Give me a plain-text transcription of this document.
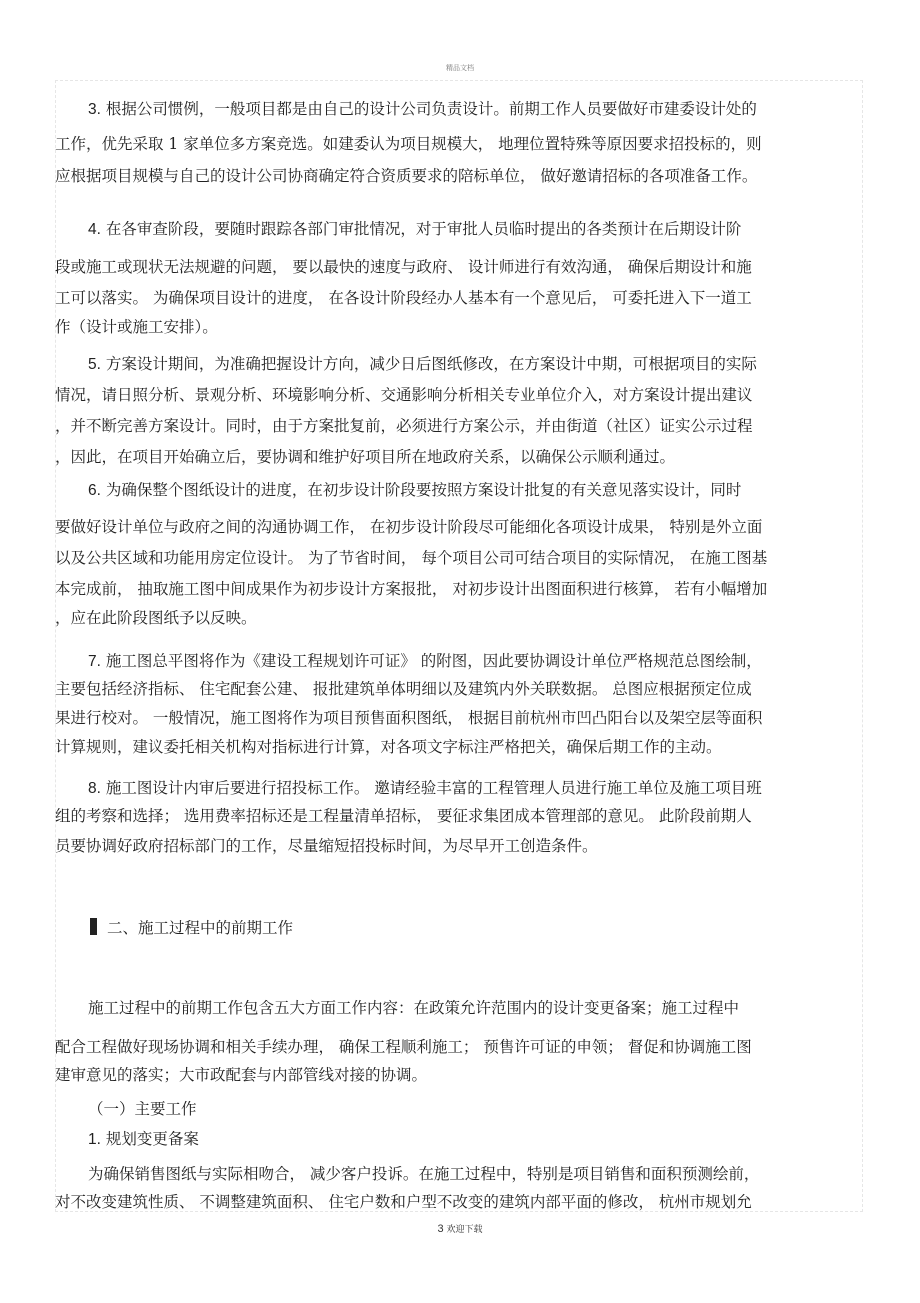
精品文档
3. 根据公司惯例，一般项目都是由自己的设计公司负责设计。前期工作人员要做好市建委设计处的
工作，优先采取 1 家单位多方案竞选。如建委认为项目规模大， 地理位置特殊等原因要求招投标的，则
应根据项目规模与自己的设计公司协商确定符合资质要求的陪标单位， 做好邀请招标的各项准备工作。
4. 在各审查阶段，要随时跟踪各部门审批情况，对于审批人员临时提出的各类预计在后期设计阶
段或施工或现状无法规避的问题， 要以最快的速度与政府、 设计师进行有效沟通， 确保后期设计和施
工可以落实。 为确保项目设计的进度， 在各设计阶段经办人基本有一个意见后， 可委托进入下一道工
作（设计或施工安排）。
5. 方案设计期间，为准确把握设计方向，减少日后图纸修改，在方案设计中期，可根据项目的实际
情况，请日照分析、景观分析、环境影响分析、交通影响分析相关专业单位介入，对方案设计提出建议
，并不断完善方案设计。同时，由于方案批复前，必须进行方案公示，并由街道（社区）证实公示过程
，因此，在项目开始确立后，要协调和维护好项目所在地政府关系，以确保公示顺利通过。
6. 为确保整个图纸设计的进度，在初步设计阶段要按照方案设计批复的有关意见落实设计，同时
要做好设计单位与政府之间的沟通协调工作， 在初步设计阶段尽可能细化各项设计成果， 特别是外立面
以及公共区域和功能用房定位设计。 为了节省时间， 每个项目公司可结合项目的实际情况， 在施工图基
本完成前， 抽取施工图中间成果作为初步设计方案报批， 对初步设计出图面积进行核算， 若有小幅增加
，应在此阶段图纸予以反映。
7. 施工图总平图将作为《建设工程规划许可证》 的附图，因此要协调设计单位严格规范总图绘制，
主要包括经济指标、 住宅配套公建、 报批建筑单体明细以及建筑内外关联数据。 总图应根据预定位成
果进行校对。 一般情况，施工图将作为项目预售面积图纸， 根据目前杭州市凹凸阳台以及架空层等面积
计算规则，建议委托相关机构对指标进行计算，对各项文字标注严格把关，确保后期工作的主动。
8. 施工图设计内审后要进行招投标工作。 邀请经验丰富的工程管理人员进行施工单位及施工项目班
组的考察和选择； 选用费率招标还是工程量清单招标， 要征求集团成本管理部的意见。 此阶段前期人
员要协调好政府招标部门的工作，尽量缩短招投标时间，为尽早开工创造条件。
二、施工过程中的前期工作
施工过程中的前期工作包含五大方面工作内容：在政策允许范围内的设计变更备案；施工过程中
配合工程做好现场协调和相关手续办理， 确保工程顺利施工； 预售许可证的申领； 督促和协调施工图
建审意见的落实；大市政配套与内部管线对接的协调。
（一）主要工作
1. 规划变更备案
为确保销售图纸与实际相吻合， 减少客户投诉。在施工过程中，特别是项目销售和面积预测绘前，
对不改变建筑性质、 不调整建筑面积、 住宅户数和户型不改变的建筑内部平面的修改， 杭州市规划允
3 欢迎下载
